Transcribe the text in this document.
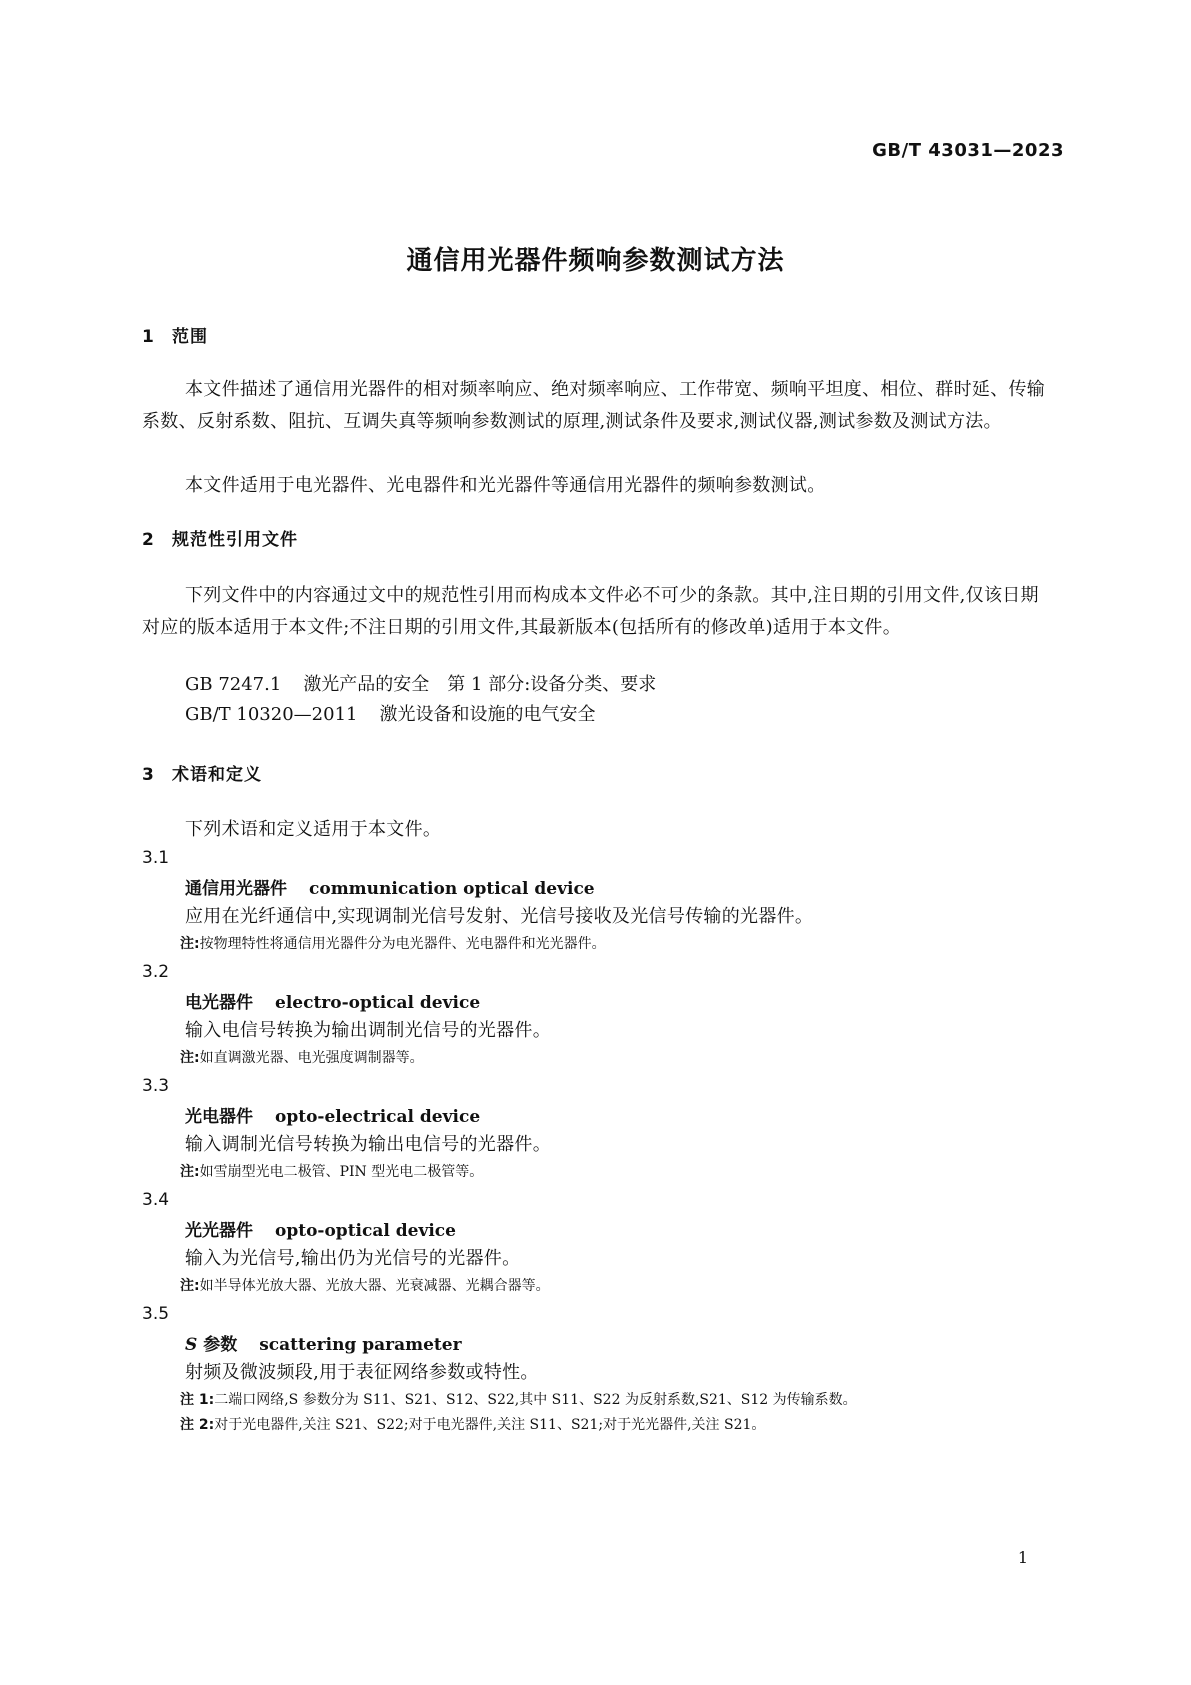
GB/T 43031—2023
通信用光器件频响参数测试方法
1 范围
本文件描述了通信用光器件的相对频率响应、绝对频率响应、工作带宽、频响平坦度、相位、群时延、传输系数、反射系数、阻抗、互调失真等频响参数测试的原理,测试条件及要求,测试仪器,测试参数及测试方法。
本文件适用于电光器件、光电器件和光光器件等通信用光器件的频响参数测试。
2 规范性引用文件
下列文件中的内容通过文中的规范性引用而构成本文件必不可少的条款。其中,注日期的引用文件,仅该日期对应的版本适用于本文件;不注日期的引用文件,其最新版本(包括所有的修改单)适用于本文件。
GB 7247.1 激光产品的安全　第 1 部分:设备分类、要求
GB/T 10320—2011 激光设备和设施的电气安全
3 术语和定义
下列术语和定义适用于本文件。
3.1
通信用光器件 communication optical device
应用在光纤通信中,实现调制光信号发射、光信号接收及光信号传输的光器件。
注:按物理特性将通信用光器件分为电光器件、光电器件和光光器件。
3.2
电光器件 electro-optical device
输入电信号转换为输出调制光信号的光器件。
注:如直调激光器、电光强度调制器等。
3.3
光电器件 opto-electrical device
输入调制光信号转换为输出电信号的光器件。
注:如雪崩型光电二极管、PIN 型光电二极管等。
3.4
光光器件 opto-optical device
输入为光信号,输出仍为光信号的光器件。
注:如半导体光放大器、光放大器、光衰减器、光耦合器等。
3.5
S 参数 scattering parameter
射频及微波频段,用于表征网络参数或特性。
注 1:二端口网络,S 参数分为 S11、S21、S12、S22,其中 S11、S22 为反射系数,S21、S12 为传输系数。
注 2:对于光电器件,关注 S21、S22;对于电光器件,关注 S11、S21;对于光光器件,关注 S21。
1
